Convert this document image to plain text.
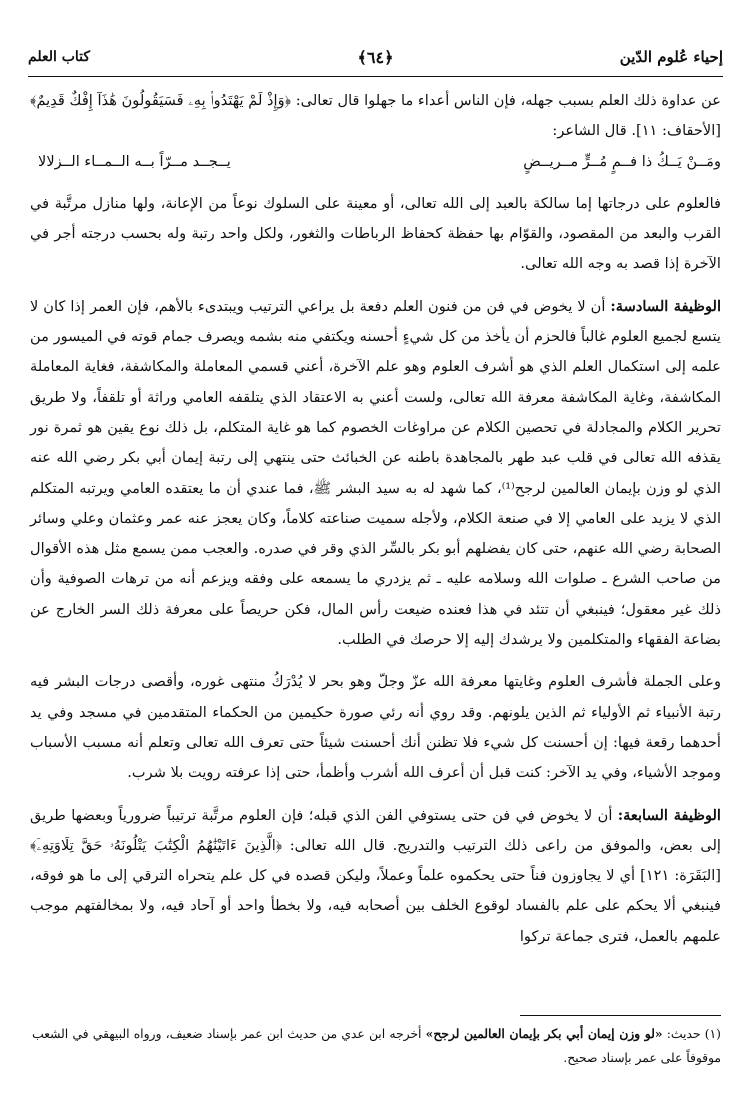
إحياء عُلوم الدّين
﴿٦٤﴾
كتاب العلم

عن عداوة ذلك العلم بسبب جهله، فإن الناس أعداء ما جهلوا قال تعالى: ﴿وَإِذْ لَمْ يَهْتَدُوا۟ بِهِۦ فَسَيَقُولُونَ هَٰذَآ إِفْكٌ قَدِيمٌ﴾ [الأحقاف: ١١]. قال الشاعر:

ومَــنْ يَــكُ ذا فــمٍ مُــرٍّ مــريــضٍ
يــجــد مــرّاً بــه الــمــاء الــزلالا

فالعلوم على درجاتها إما سالكة بالعبد إلى الله تعالى، أو معينة على السلوك نوعاً من الإعانة، ولها منازل مرتَّبة في القرب والبعد من المقصود، والقوّام بها حفظة كحفاظ الرباطات والثغور، ولكل واحد رتبة وله بحسب درجته أجر في الآخرة إذا قصد به وجه الله تعالى.

الوظيفة السادسة: أن لا يخوض في فن من فنون العلم دفعة بل يراعي الترتيب ويبتدىء بالأهم، فإن العمر إذا كان لا يتسع لجميع العلوم غالباً فالحزم أن يأخذ من كل شيءٍ أحسنه ويكتفي منه بشمه ويصرف جمام قوته في الميسور من علمه إلى استكمال العلم الذي هو أشرف العلوم وهو علم الآخرة، أعني قسمي المعاملة والمكاشفة، فغاية المعاملة المكاشفة، وغاية المكاشفة معرفة الله تعالى، ولست أعني به الاعتقاد الذي يتلقفه العامي وراثة أو تلقفاً، ولا طريق تحرير الكلام والمجادلة في تحصين الكلام عن مراوغات الخصوم كما هو غاية المتكلم، بل ذلك نوع يقين هو ثمرة نور يقذفه الله تعالى في قلب عبد طهر بالمجاهدة باطنه عن الخبائث حتى ينتهي إلى رتبة إيمان أبي بكر رضي الله عنه الذي لو وزن بإيمان العالمين لرجح⁽¹⁾، كما شهد له به سيد البشر ﷺ، فما عندي أن ما يعتقده العامي ويرتبه المتكلم الذي لا يزيد على العامي إلا في صنعة الكلام، ولأجله سميت صناعته كلاماً، وكان يعجز عنه عمر وعثمان وعلي وسائر الصحابة رضي الله عنهم، حتى كان يفضلهم أبو بكر بالسِّر الذي وقر في صدره. والعجب ممن يسمع مثل هذه الأقوال من صاحب الشرع ـ صلوات الله وسلامه عليه ـ ثم يزدري ما يسمعه على وفقه ويزعم أنه من ترهات الصوفية وأن ذلك غير معقول؛ فينبغي أن تتئد في هذا فعنده ضيعت رأس المال، فكن حريصاً على معرفة ذلك السر الخارج عن بضاعة الفقهاء والمتكلمين ولا يرشدك إليه إلا حرصك في الطلب.

وعلى الجملة فأشرف العلوم وغايتها معرفة الله عزّ وجلّ وهو بحر لا يُدْرَكُ منتهى غوره، وأقصى درجات البشر فيه رتبة الأنبياء ثم الأولياء ثم الذين يلونهم. وقد روي أنه رئي صورة حكيمين من الحكماء المتقدمين في مسجد وفي يد أحدهما رقعة فيها: إن أحسنت كل شيء فلا تظنن أنك أحسنت شيئاً حتى تعرف الله تعالى وتعلم أنه مسبب الأسباب وموجد الأشياء، وفي يد الآخر: كنت قبل أن أعرف الله أشرب وأظمأ، حتى إذا عرفته رويت بلا شرب.

الوظيفة السابعة: أن لا يخوض في فن حتى يستوفي الفن الذي قبله؛ فإن العلوم مرتَّبة ترتيباً ضرورياً وبعضها طريق إلى بعض، والموفق من راعى ذلك الترتيب والتدريج. قال الله تعالى: ﴿الَّذِينَ ءَاتَيْنَٰهُمُ الْكِتَٰبَ يَتْلُونَهُۥ حَقَّ تِلَاوَتِهِۦٓ﴾ [البَقَرَة: ١٢١] أي لا يجاوزون فناً حتى يحكموه علماً وعملاً، وليكن قصده في كل علم يتحراه الترقي إلى ما هو فوقه، فينبغي ألا يحكم على علم بالفساد لوقوع الخلف بين أصحابه فيه، ولا بخطأ واحد أو آحاد فيه، ولا بمخالفتهم موجب علمهم بالعمل، فترى جماعة تركوا

(١) حديث: «لو وزن إيمان أبي بكر بإيمان العالمين لرجح» أخرجه ابن عدي من حديث ابن عمر بإسناد ضعيف، ورواه البيهقي في الشعب موقوفاً على عمر بإسناد صحيح.
